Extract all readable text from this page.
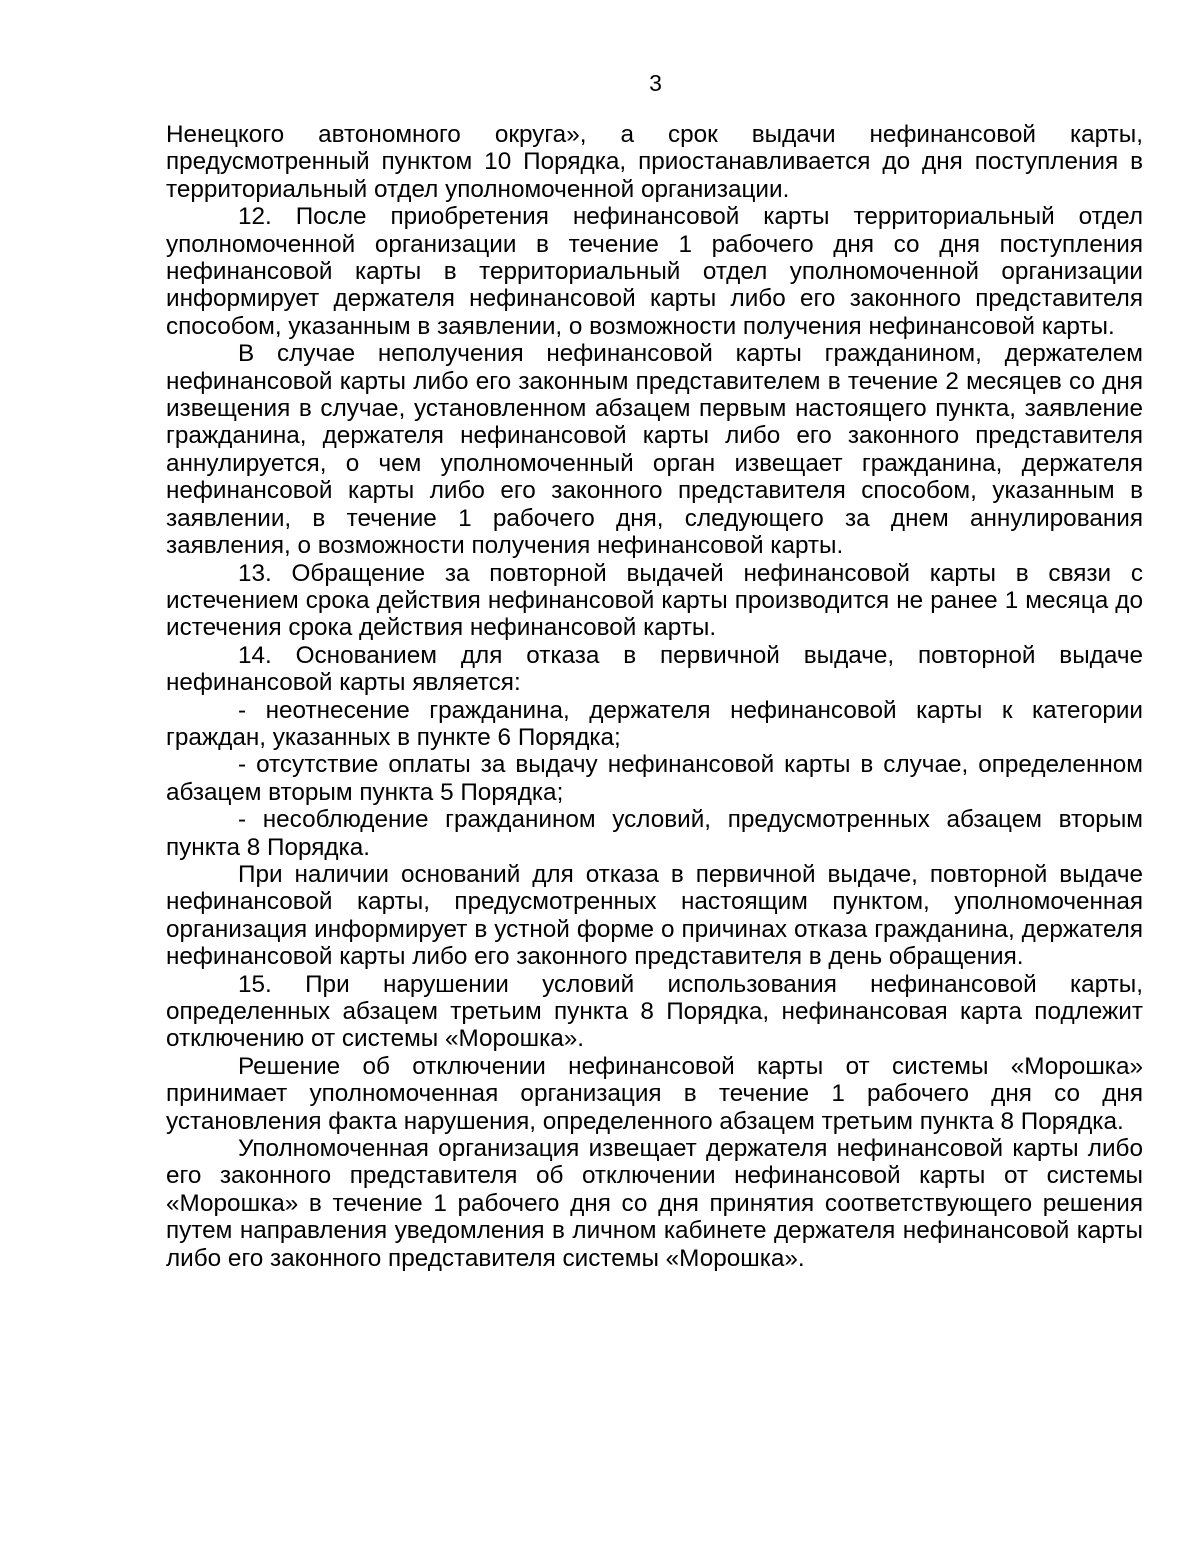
3

Ненецкого автономного округа», а срок выдачи нефинансовой карты, предусмотренный пунктом 10 Порядка, приостанавливается до дня поступления в территориальный отдел уполномоченной организации.

12. После приобретения нефинансовой карты территориальный отдел уполномоченной организации в течение 1 рабочего дня со дня поступления нефинансовой карты в территориальный отдел уполномоченной организации информирует держателя нефинансовой карты либо его законного представителя способом, указанным в заявлении, о возможности получения нефинансовой карты.

В случае неполучения нефинансовой карты гражданином, держателем нефинансовой карты либо его законным представителем в течение 2 месяцев со дня извещения в случае, установленном абзацем первым настоящего пункта, заявление гражданина, держателя нефинансовой карты либо его законного представителя аннулируется, о чем уполномоченный орган извещает гражданина, держателя нефинансовой карты либо его законного представителя способом, указанным в заявлении, в течение 1 рабочего дня, следующего за днем аннулирования заявления, о возможности получения нефинансовой карты.

13. Обращение за повторной выдачей нефинансовой карты в связи с истечением срока действия нефинансовой карты производится не ранее 1 месяца до истечения срока действия нефинансовой карты.

14. Основанием для отказа в первичной выдаче, повторной выдаче нефинансовой карты является:

- неотнесение гражданина, держателя нефинансовой карты к категории граждан, указанных в пункте 6 Порядка;

- отсутствие оплаты за выдачу нефинансовой карты в случае, определенном абзацем вторым пункта 5 Порядка;

- несоблюдение гражданином условий, предусмотренных абзацем вторым пункта 8 Порядка.

При наличии оснований для отказа в первичной выдаче, повторной выдаче нефинансовой карты, предусмотренных настоящим пунктом, уполномоченная организация информирует в устной форме о причинах отказа гражданина, держателя нефинансовой карты либо его законного представителя в день обращения.

15. При нарушении условий использования нефинансовой карты, определенных абзацем третьим пункта 8 Порядка, нефинансовая карта подлежит отключению от системы «Морошка».

Решение об отключении нефинансовой карты от системы «Морошка» принимает уполномоченная организация в течение 1 рабочего дня со дня установления факта нарушения, определенного абзацем третьим пункта 8 Порядка.

Уполномоченная организация извещает держателя нефинансовой карты либо его законного представителя об отключении нефинансовой карты от системы «Морошка» в течение 1 рабочего дня со дня принятия соответствующего решения путем направления уведомления в личном кабинете держателя нефинансовой карты либо его законного представителя системы «Морошка».
